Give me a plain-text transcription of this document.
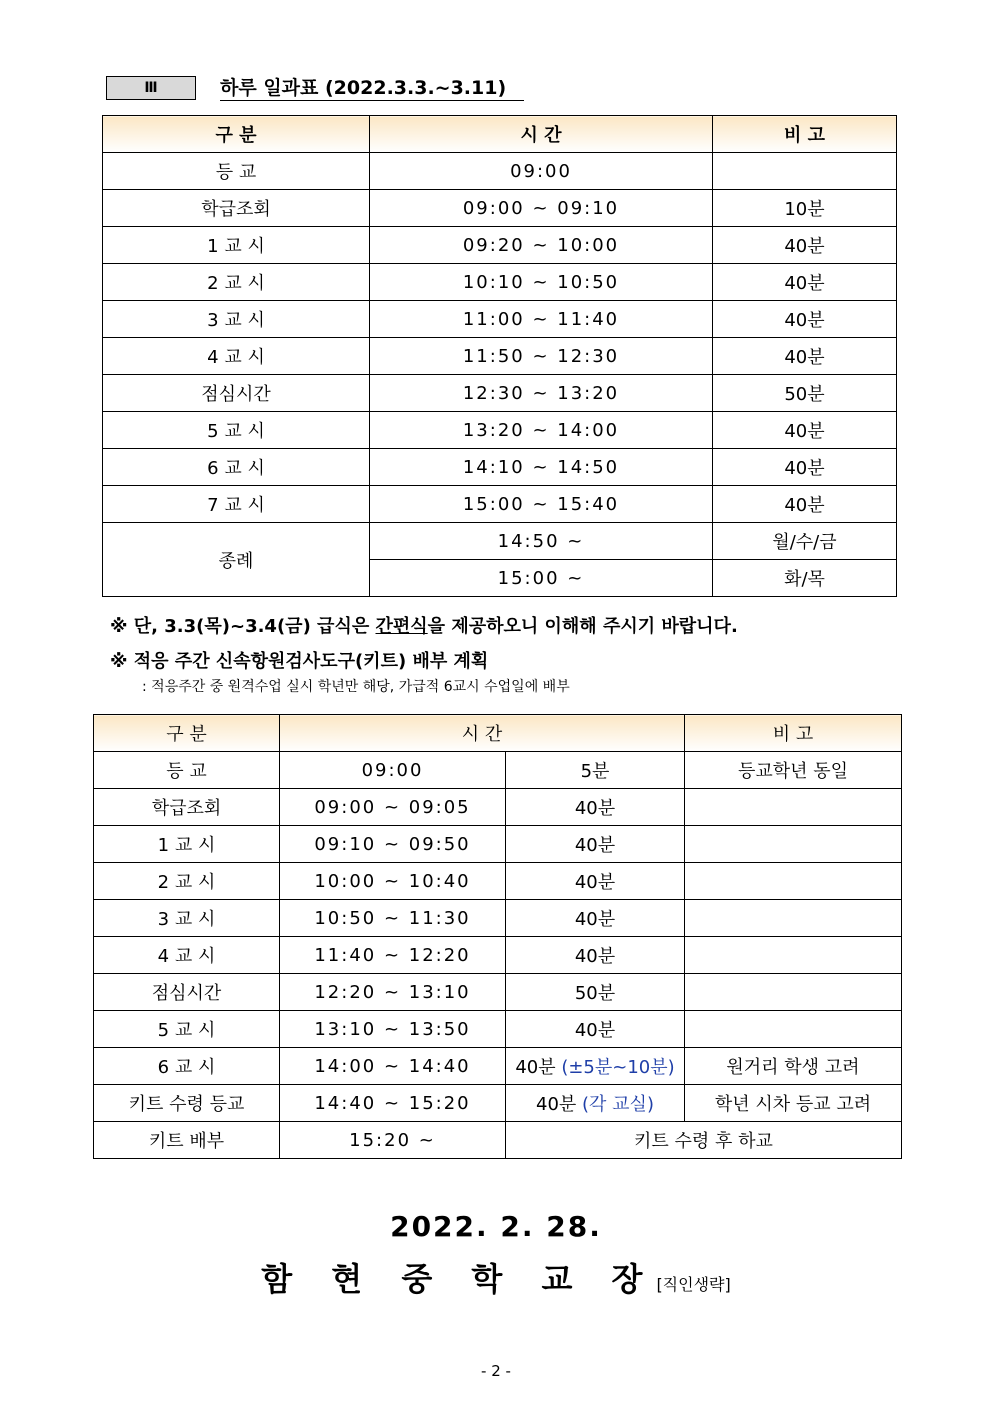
Ⅲ	하루 일과표 (2022.3.3.~3.11)
구 분	시 간	비 고
등 교	09:00	
학급조회	09:00 ~ 09:10	10분
1 교 시	09:20 ~ 10:00	40분
2 교 시	10:10 ~ 10:50	40분
3 교 시	11:00 ~ 11:40	40분
4 교 시	11:50 ~ 12:30	40분
점심시간	12:30 ~ 13:20	50분
5 교 시	13:20 ~ 14:00	40분
6 교 시	14:10 ~ 14:50	40분
7 교 시	15:00 ~ 15:40	40분
종례	14:50 ~	월/수/금
	15:00 ~	화/목
※ 단, 3.3(목)~3.4(금) 급식은 간편식을 제공하오니 이해해 주시기 바랍니다.
※ 적응 주간 신속항원검사도구(키트) 배부 계획
: 적응주간 중 원격수업 실시 학년만 해당, 가급적 6교시 수업일에 배부
구 분	시 간		비 고
등 교	09:00	5분	등교학년 동일
학급조회	09:00 ~ 09:05	40분	
1 교 시	09:10 ~ 09:50	40분	
2 교 시	10:00 ~ 10:40	40분	
3 교 시	10:50 ~ 11:30	40분	
4 교 시	11:40 ~ 12:20	40분	
점심시간	12:20 ~ 13:10	50분	
5 교 시	13:10 ~ 13:50	40분	
6 교 시	14:00 ~ 14:40	40분 (±5분~10분)	원거리 학생 고려
키트 수령 등교	14:40 ~ 15:20	40분 (각 교실)	학년 시차 등교 고려
키트 배부	15:20 ~	키트 수령 후 하교	
2022. 2. 28.
함 현 중 학 교 장[직인생략]
- 2 -
